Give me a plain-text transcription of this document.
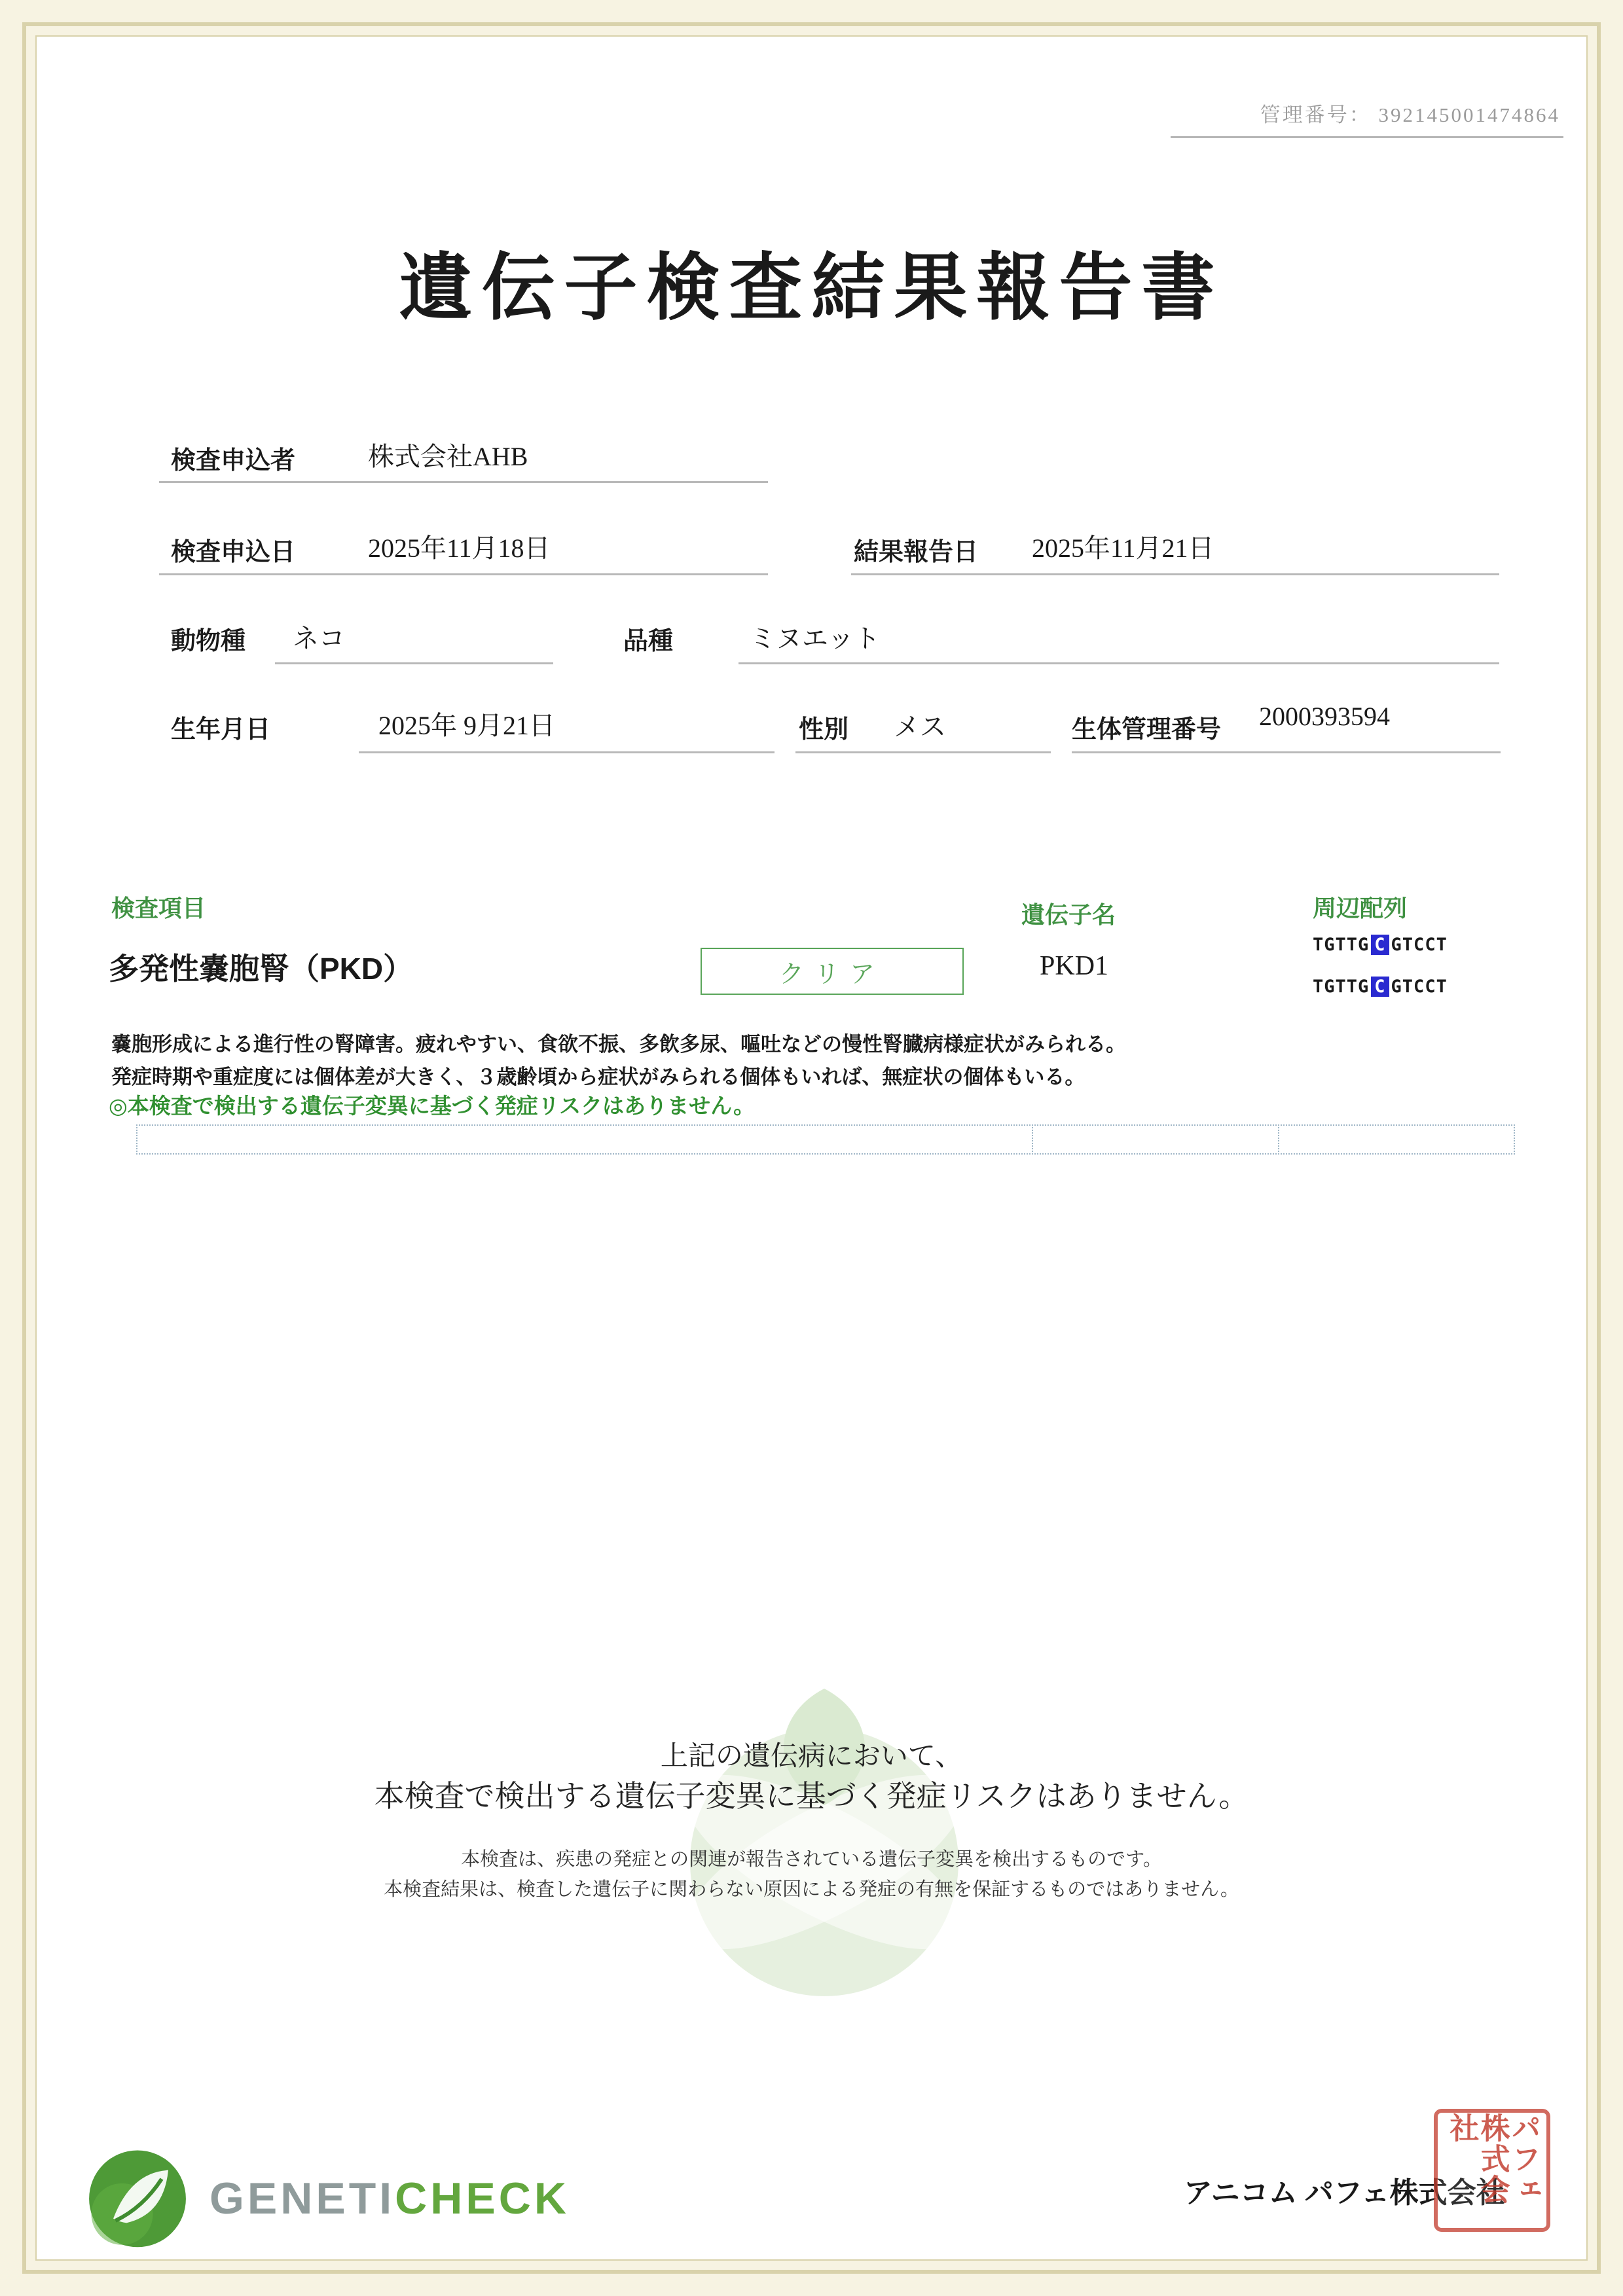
管理番号： 392145001474864
遺伝子検査結果報告書
検査申込者	株式会社AHB
検査申込日	2025年11月18日	結果報告日 2025年11月21日
動物種 ネコ	品種	ミヌエット
生年月日	2025年 9月21日	性別 メス	生体管理番号 2000393594
検査項目	遺伝子名	周辺配列
多発性嚢胞腎（PKD）	クリア	PKD1
TGTTG C GTCCT
TGTTG C GTCCT
嚢胞形成による進行性の腎障害。疲れやすい、食欲不振、多飲多尿、嘔吐などの慢性腎臓病様症状がみられる。
発症時期や重症度には個体差が大きく、３歳齢頃から症状がみられる個体もいれば、無症状の個体もいる。
◎本検査で検出する遺伝子変異に基づく発症リスクはありません。
上記の遺伝病において、
本検査で検出する遺伝子変異に基づく発症リスクはありません。
本検査は、疾患の発症との関連が報告されている遺伝子変異を検出するものです。
本検査結果は、検査した遺伝子に関わらない原因による発症の有無を保証するものではありません。
GENETICHECK	アニコム パフェ株式会社 パフェ株式会社
